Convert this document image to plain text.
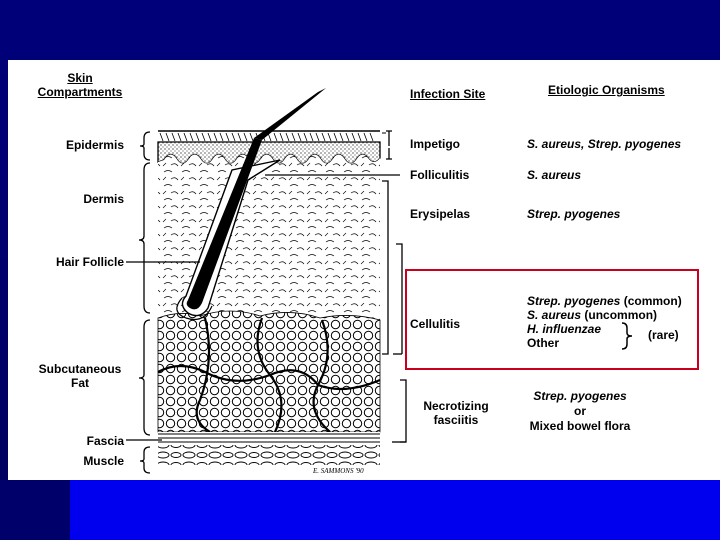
E. SAMMONS '90
Skin Compartments	Infection Site	Etiologic Organisms
Epidermis
Dermis
Hair Follicle
Subcutaneous Fat
Fascia
Muscle
Impetigo
Folliculitis
Erysipelas
Cellulitis
Necrotizing fasciitis
S. aureus, Strep. pyogenes
S. aureus
Strep. pyogenes
Strep. pyogenes (common)
S. aureus (uncommon)
H. influenzae
Other
(rare)
Strep. pyogenes
or
Mixed bowel flora
